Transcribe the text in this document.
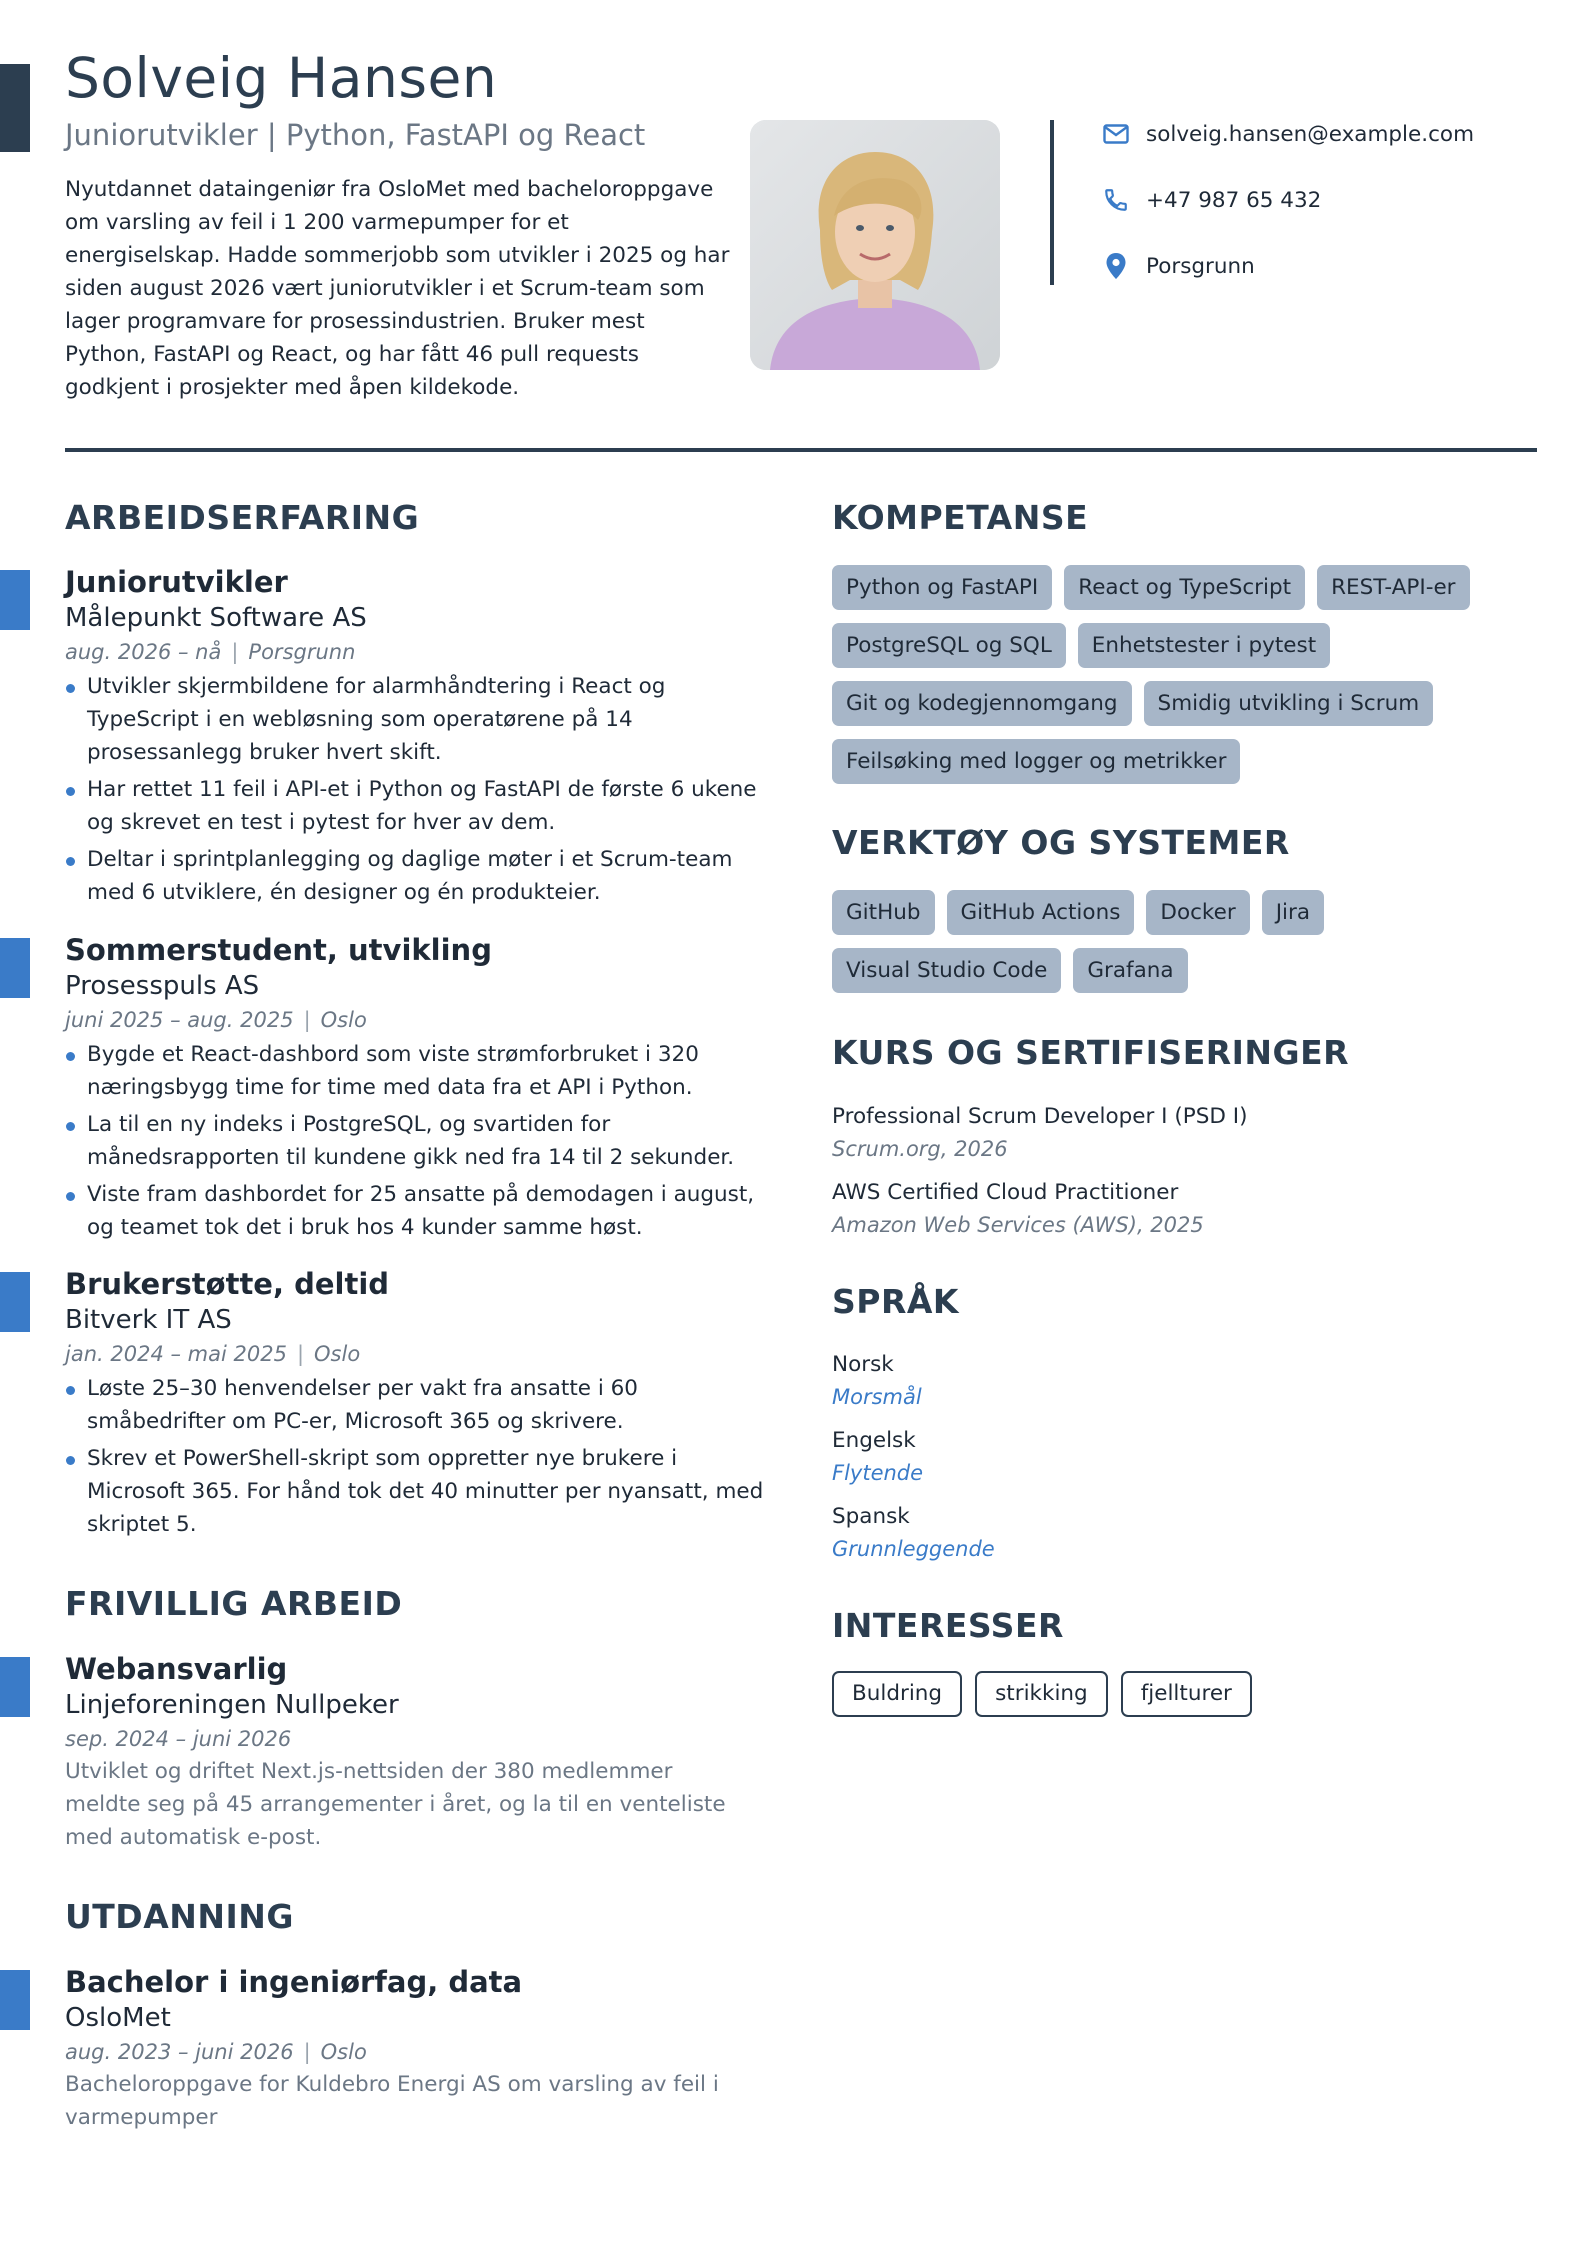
Solveig Hansen
Juniorutvikler | Python, FastAPI og React

Nyutdannet dataingeniør fra OsloMet med bacheloroppgave om varsling av feil i 1 200 varmepumper for et energiselskap. Hadde sommerjobb som utvikler i 2025 og har siden august 2026 vært juniorutvikler i et Scrum-team som lager programvare for prosessindustrien. Bruker mest Python, FastAPI og React, og har fått 46 pull requests godkjent i prosjekter med åpen kildekode.

solveig.hansen@example.com
+47 987 65 432
Porsgrunn
ARBEIDSERFARING
Juniorutvikler
Målepunkt Software AS
aug. 2026 – nå | Porsgrunn
Utvikler skjermbildene for alarmhåndtering i React og TypeScript i en webløsning som operatørene på 14 prosessanlegg bruker hvert skift.
Har rettet 11 feil i API-et i Python og FastAPI de første 6 ukene og skrevet en test i pytest for hver av dem.
Deltar i sprintplanlegging og daglige møter i et Scrum-team med 6 utviklere, én designer og én produkteier.
Sommerstudent, utvikling
Prosesspuls AS
juni 2025 – aug. 2025 | Oslo
Bygde et React-dashbord som viste strømforbruket i 320 næringsbygg time for time med data fra et API i Python.
La til en ny indeks i PostgreSQL, og svartiden for månedsrapporten til kundene gikk ned fra 14 til 2 sekunder.
Viste fram dashbordet for 25 ansatte på demodagen i august, og teamet tok det i bruk hos 4 kunder samme høst.
Brukerstøtte, deltid
Bitverk IT AS
jan. 2024 – mai 2025 | Oslo
Løste 25–30 henvendelser per vakt fra ansatte i 60 småbedrifter om PC-er, Microsoft 365 og skrivere.
Skrev et PowerShell-skript som oppretter nye brukere i Microsoft 365. For hånd tok det 40 minutter per nyansatt, med skriptet 5.
FRIVILLIG ARBEID
Webansvarlig
Linjeforeningen Nullpeker
sep. 2024 – juni 2026
Utviklet og driftet Next.js-nettsiden der 380 medlemmer meldte seg på 45 arrangementer i året, og la til en venteliste med automatisk e-post.
UTDANNING
Bachelor i ingeniørfag, data
OsloMet
aug. 2023 – juni 2026 | Oslo
Bacheloroppgave for Kuldebro Energi AS om varsling av feil i varmepumper
KOMPETANSE
Python og FastAPI	React og TypeScript	REST-API-er
PostgreSQL og SQL	Enhetstester i pytest
Git og kodegjennomgang	Smidig utvikling i Scrum
Feilsøking med logger og metrikker
VERKTØY OG SYSTEMER
GitHub	GitHub Actions	Docker	Jira
Visual Studio Code	Grafana
KURS OG SERTIFISERINGER
Professional Scrum Developer I (PSD I)
Scrum.org, 2026
AWS Certified Cloud Practitioner
Amazon Web Services (AWS), 2025
SPRÅK
Norsk
Morsmål
Engelsk
Flytende
Spansk
Grunnleggende
INTERESSER
Buldring	strikking	fjellturer
